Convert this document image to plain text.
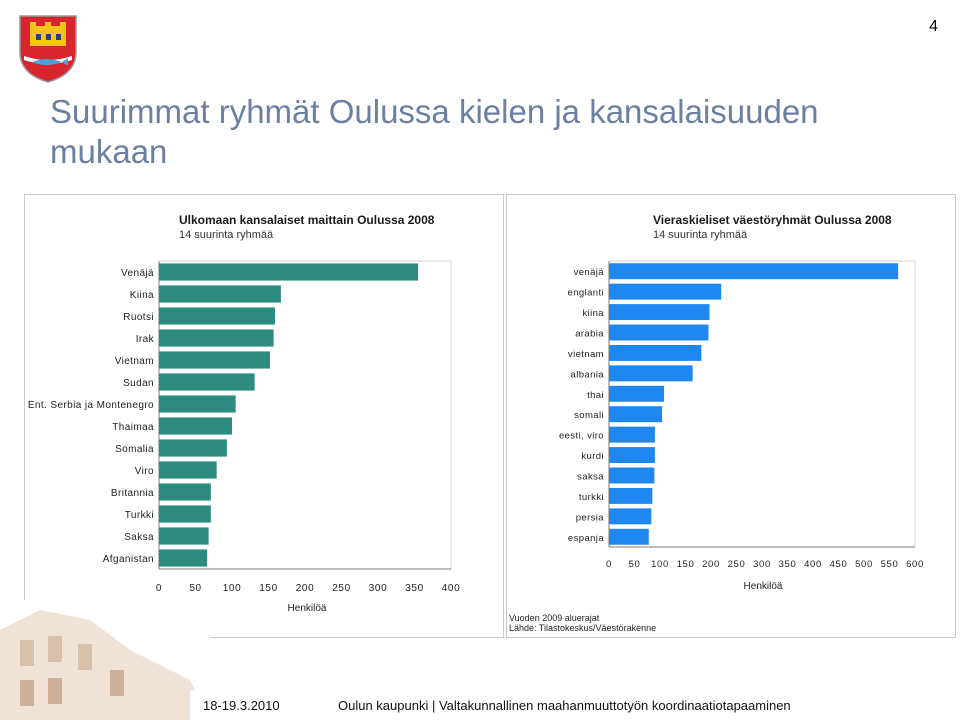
4
Suurimmat ryhmät Oulussa kielen ja kansalaisuuden mukaan
Ulkomaan kansalaiset maittain Oulussa 2008
14 suurinta ryhmää
Venäjä
Kiina
Ruotsi
Irak
Vietnam
Sudan
Ent. Serbia ja Montenegro
Thaimaa
Somalia
Viro
Britannia
Turkki
Saksa
Afganistan
0	50 100 150 200 250 300 350 400
Henkilöä
Vieraskieliset väestöryhmät Oulussa 2008
14 suurinta ryhmää
venäjä
englanti
kiina
arabia
vietnam
albania
thai
somali
eesti, viro
kurdi
saksa
turkki
persia
espanja
0 50 100 150 200 250 300 350 400 450 500 550 600
Henkilöä
Vuoden 2009 aluerajat
Lähde: Tilastokeskus/Väestörakenne
18-19.3.2010	Oulun kaupunki | Valtakunnallinen maahanmuuttotyön koordinaatiotapaaminen
